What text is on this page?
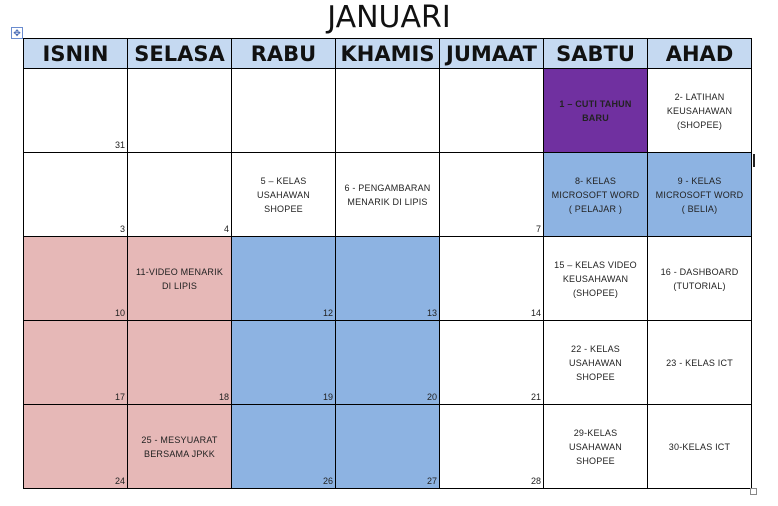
JANUARI
✥
ISNIN	SELASA	RABU	KHAMIS	JUMAAT	SABTU	AHAD

31					1 – CUTI TAHUN BARU	2- LATIHAN KEUSAHAWAN (SHOPEE)

3	4	5 – KELAS USAHAWAN SHOPEE	6 - PENGAMBARAN MENARIK DI LIPIS	7	8- KELAS MICROSOFT WORD ( PELAJAR )	9 - KELAS MICROSOFT WORD ( BELIA)

10	11-VIDEO MENARIK DI LIPIS	12	13	14	15 – KELAS VIDEO KEUSAHAWAN (SHOPEE)	16 - DASHBOARD (TUTORIAL)

17	18	19	20	21	22 - KELAS USAHAWAN SHOPEE	23 - KELAS ICT

24	25 - MESYUARAT BERSAMA JPKK	26	27	28	29-KELAS USAHAWAN SHOPEE	30-KELAS ICT
